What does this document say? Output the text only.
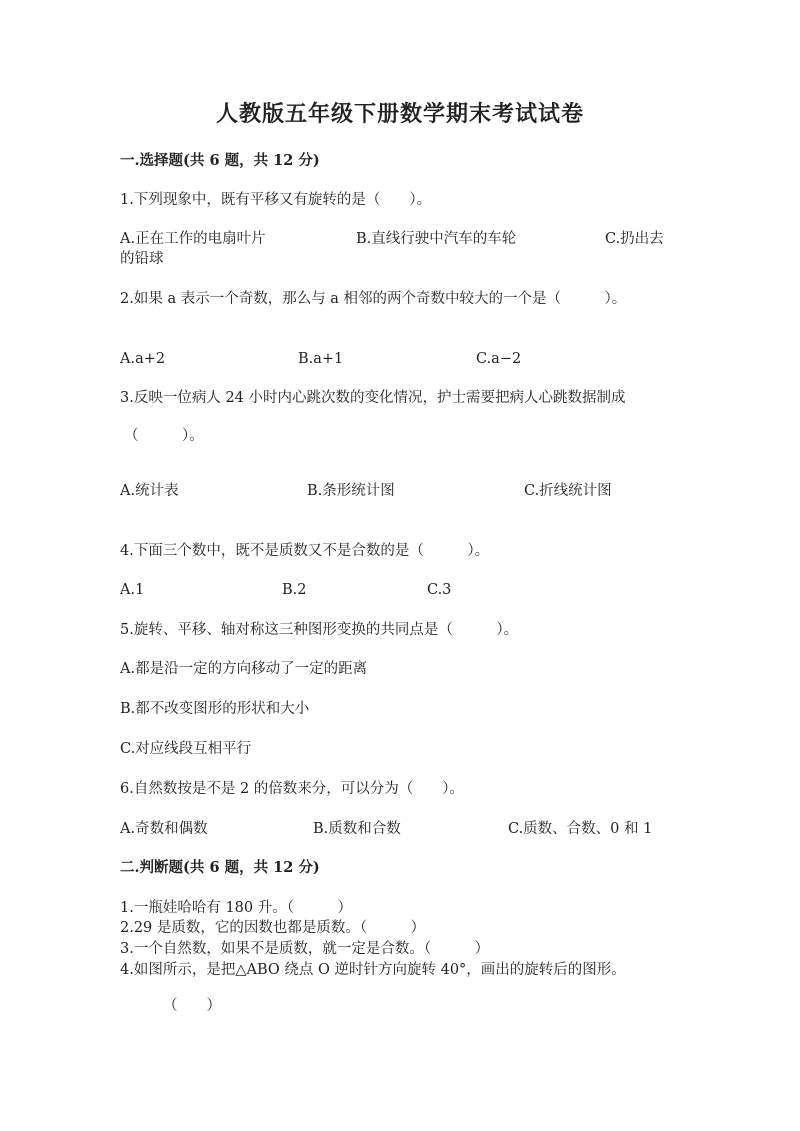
人教版五年级下册数学期末考试试卷
一.选择题(共 6 题，共 12 分)
1.下列现象中，既有平移又有旋转的是（　　）。
A.正在工作的电扇叶片	B.直线行驶中汽车的车轮	C.扔出去
的铅球
2.如果 a 表示一个奇数，那么与 a 相邻的两个奇数中较大的一个是（　　　）。
A.a+2	B.a+1	C.a−2
3.反映一位病人 24 小时内心跳次数的变化情况，护士需要把病人心跳数据制成
（　　　）。
A.统计表	B.条形统计图	C.折线统计图
4.下面三个数中，既不是质数又不是合数的是（　　　）。
A.1	B.2	C.3
5.旋转、平移、轴对称这三种图形变换的共同点是（　　　）。
A.都是沿一定的方向移动了一定的距离
B.都不改变图形的形状和大小
C.对应线段互相平行
6.自然数按是不是 2 的倍数来分，可以分为（　　）。
A.奇数和偶数	B.质数和合数	C.质数、合数、0 和 1
二.判断题(共 6 题，共 12 分)
1.一瓶娃哈哈有 180 升。（　　　）
2.29 是质数，它的因数也都是质数。（　　　）
3.一个自然数，如果不是质数，就一定是合数。（　　　）
4.如图所示，是把△ABO 绕点 O 逆时针方向旋转 40°，画出的旋转后的图形。
（　　）
